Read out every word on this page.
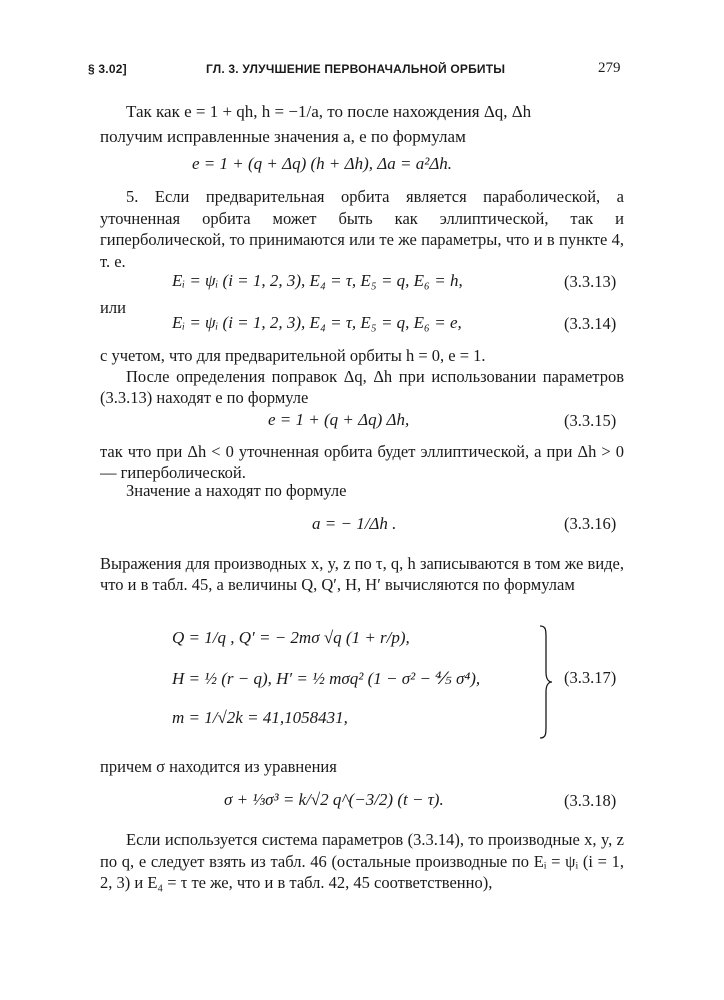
§ 3.02]	ГЛ. 3. УЛУЧШЕНИЕ ПЕРВОНАЧАЛЬНОЙ ОРБИТЫ	279
Так как e = 1 + qh, h = −1/a, то после нахождения Δq, Δh
получим исправленные значения a, e по формулам
e = 1 + (q + Δq) (h + Δh), Δa = a²Δh.
5. Если предварительная орбита является параболической, а уточненная орбита может быть как эллиптической, так и гиперболической, то принимаются или те же параметры, что и в пункте 4, т. е.
Eᵢ = ψᵢ (i = 1, 2, 3), E₄ = τ, E₅ = q, E₆ = h,	(3.3.13)
или
Eᵢ = ψᵢ (i = 1, 2, 3), E₄ = τ, E₅ = q, E₆ = e,	(3.3.14)
с учетом, что для предварительной орбиты h = 0, e = 1.
После определения поправок Δq, Δh при использовании параметров (3.3.13) находят e по формуле
e = 1 + (q + Δq) Δh,	(3.3.15)
так что при Δh < 0 уточненная орбита будет эллиптической, а при Δh > 0 — гиперболической.
Значение a находят по формуле
a = − 1/Δh .	(3.3.16)
Выражения для производных x, y, z по τ, q, h записываются в том же виде, что и в табл. 45, а величины Q, Q′, H, H′ вычисляются по формулам
Q = 1/q , Q′ = − 2mσ √q (1 + r/p),
H = ½ (r − q), H′ = ½ mσq² (1 − σ² − ⅘ σ⁴),
m = 1/√2k = 41,1058431,
(3.3.17)
причем σ находится из уравнения
σ + ⅓σ³ = k/√2 q^(−3/2) (t − τ).	(3.3.18)
Если используется система параметров (3.3.14), то производные x, y, z по q, e следует взять из табл. 46 (остальные производные по Eᵢ = ψᵢ (i = 1, 2, 3) и E₄ = τ те же, что и в табл. 42, 45 соответственно),
